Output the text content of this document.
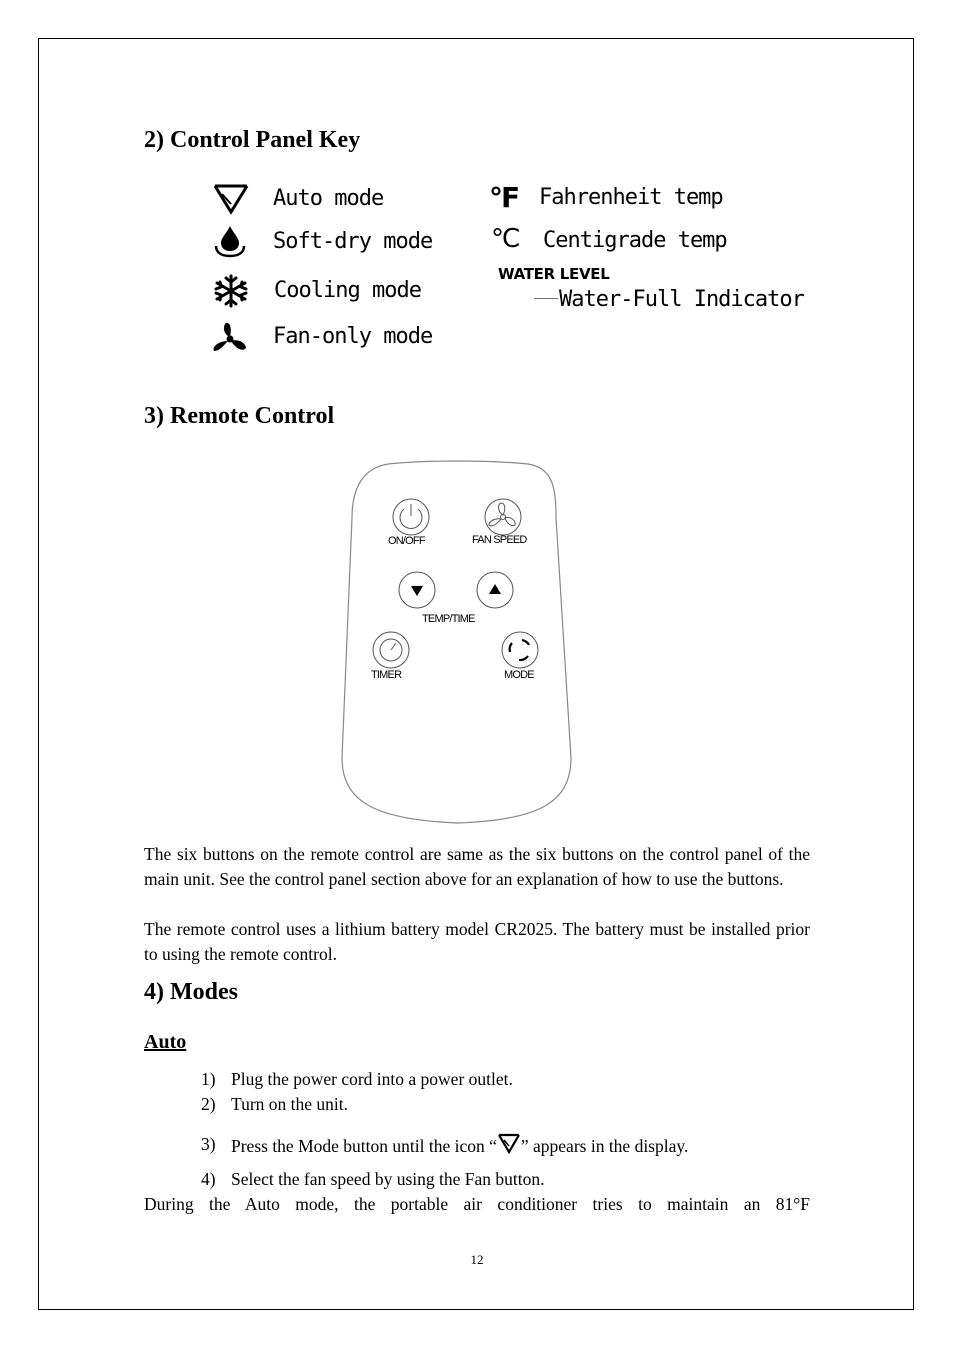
2) Control Panel Key
Auto mode
Soft-dry mode
Cooling mode
Fan-only mode
°F Fahrenheit temp
°C Centigrade temp
WATER LEVEL
Water-Full Indicator
3) Remote Control
ON/OFF	FAN SPEED
TEMP/TIME
TIMER	MODE
The six buttons on the remote control are same as the six buttons on the control panel of the main unit. See the control panel section above for an explanation of how to use the buttons.
The remote control uses a lithium battery model CR2025. The battery must be installed prior to using the remote control.
4) Modes
Auto
1) Plug the power cord into a power outlet.
2) Turn on the unit.
3) Press the Mode button until the icon “ ” appears in the display.
4) Select the fan speed by using the Fan button.
During the Auto mode, the portable air conditioner tries to maintain an 81°F
12
